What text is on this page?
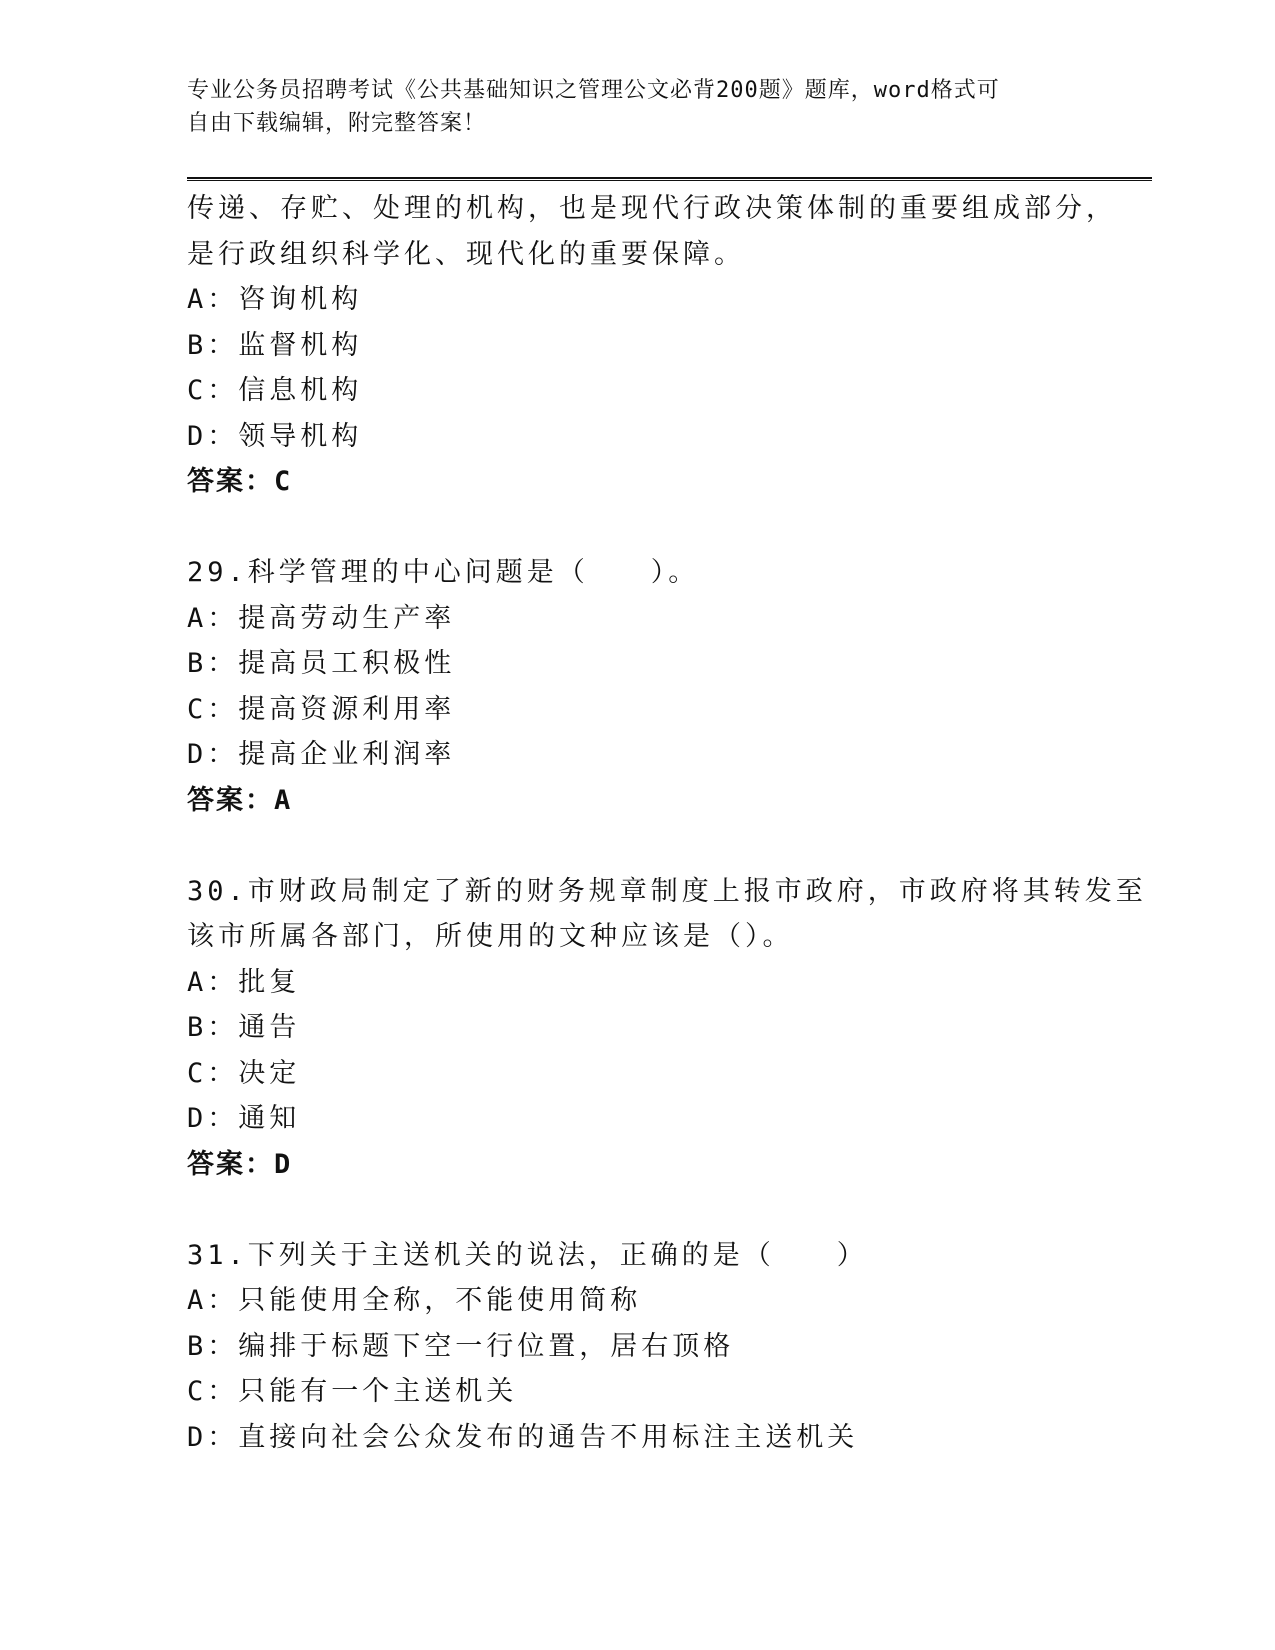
专业公务员招聘考试《公共基础知识之管理公文必背200题》题库，word格式可
自由下载编辑，附完整答案！
传递、存贮、处理的机构，也是现代行政决策体制的重要组成部分，
是行政组织科学化、现代化的重要保障。
A：咨询机构
B：监督机构
C：信息机构
D：领导机构
答案：C
29.科学管理的中心问题是（　　）。
A：提高劳动生产率
B：提高员工积极性
C：提高资源利用率
D：提高企业利润率
答案：A
30.市财政局制定了新的财务规章制度上报市政府，市政府将其转发至
该市所属各部门，所使用的文种应该是（）。
A：批复
B：通告
C：决定
D：通知
答案：D
31.下列关于主送机关的说法，正确的是（　　）
A：只能使用全称，不能使用简称
B：编排于标题下空一行位置，居右顶格
C：只能有一个主送机关
D：直接向社会公众发布的通告不用标注主送机关
